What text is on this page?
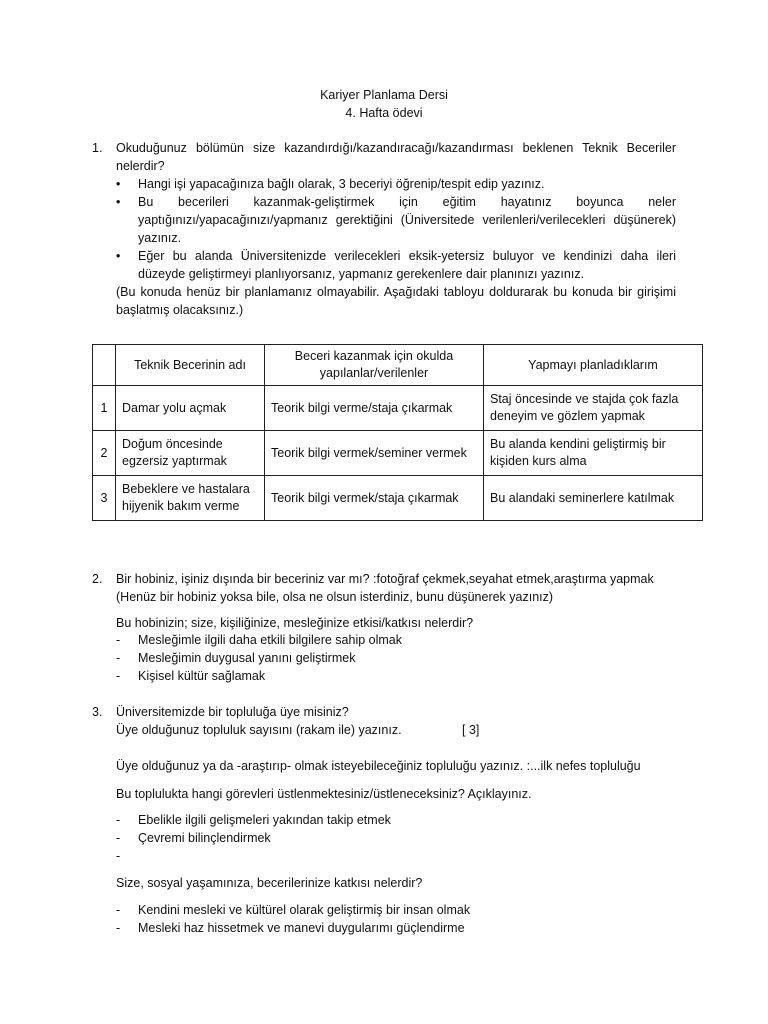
Kariyer Planlama Dersi
4. Hafta ödevi
1.	Okuduğunuz bölümün size kazandırdığı/kazandıracağı/kazandırması beklenen Teknik Beceriler nelerdir?
•	Hangi işi yapacağınıza bağlı olarak, 3 beceriyi öğrenip/tespit edip yazınız.
•	Bu becerileri kazanmak-geliştirmek için eğitim hayatınız boyunca neler yaptığınızı/yapacağınızı/yapmanız gerektiğini (Üniversitede verilenleri/verilecekleri düşünerek) yazınız.
•	Eğer bu alanda Üniversitenizde verilecekleri eksik-yetersiz buluyor ve kendinizi daha ileri düzeyde geliştirmeyi planlıyorsanız, yapmanız gerekenlere dair planınızı yazınız.
(Bu konuda henüz bir planlamanız olmayabilir. Aşağıdaki tabloyu doldurarak bu konuda bir girişimi başlatmış olacaksınız.)
	Teknik Becerinin adı	Beceri kazanmak için okulda yapılanlar/verilenler	Yapmayı planladıklarım
1	Damar yolu açmak	Teorik bilgi verme/staja çıkarmak	Staj öncesinde ve stajda çok fazla deneyim ve gözlem yapmak
2	Doğum öncesinde egzersiz yaptırmak	Teorik bilgi vermek/seminer vermek	Bu alanda kendini geliştirmiş bir kişiden kurs alma
3	Bebeklere ve hastalara hijyenik bakım verme	Teorik bilgi vermek/staja çıkarmak	Bu alandaki seminerlere katılmak
2.	Bir hobiniz, işiniz dışında bir beceriniz var mı? :fotoğraf çekmek,seyahat etmek,araştırma yapmak
(Henüz bir hobiniz yoksa bile, olsa ne olsun isterdiniz, bunu düşünerek yazınız)
Bu hobinizin; size, kişiliğinize, mesleğinize etkisi/katkısı nelerdir?
- Mesleğimle ilgili daha etkili bilgilere sahip olmak
- Mesleğimin duygusal yanını geliştirmek
- Kişisel kültür sağlamak
3.	Üniversitemizde bir topluluğa üye misiniz?
Üye olduğunuz topluluk sayısını (rakam ile) yazınız.	[ 3]
Üye olduğunuz ya da -araştırıp- olmak isteyebileceğiniz topluluğu yazınız. :...ilk nefes topluluğu
Bu toplulukta hangi görevleri üstlenmektesiniz/üstleneceksiniz? Açıklayınız.
- Ebelikle ilgili gelişmeleri yakından takip etmek
- Çevremi bilinçlendirmek
-
Size, sosyal yaşamınıza, becerilerinize katkısı nelerdir?
- Kendini mesleki ve kültürel olarak geliştirmiş bir insan olmak
- Mesleki haz hissetmek ve manevi duygularımı güçlendirme
